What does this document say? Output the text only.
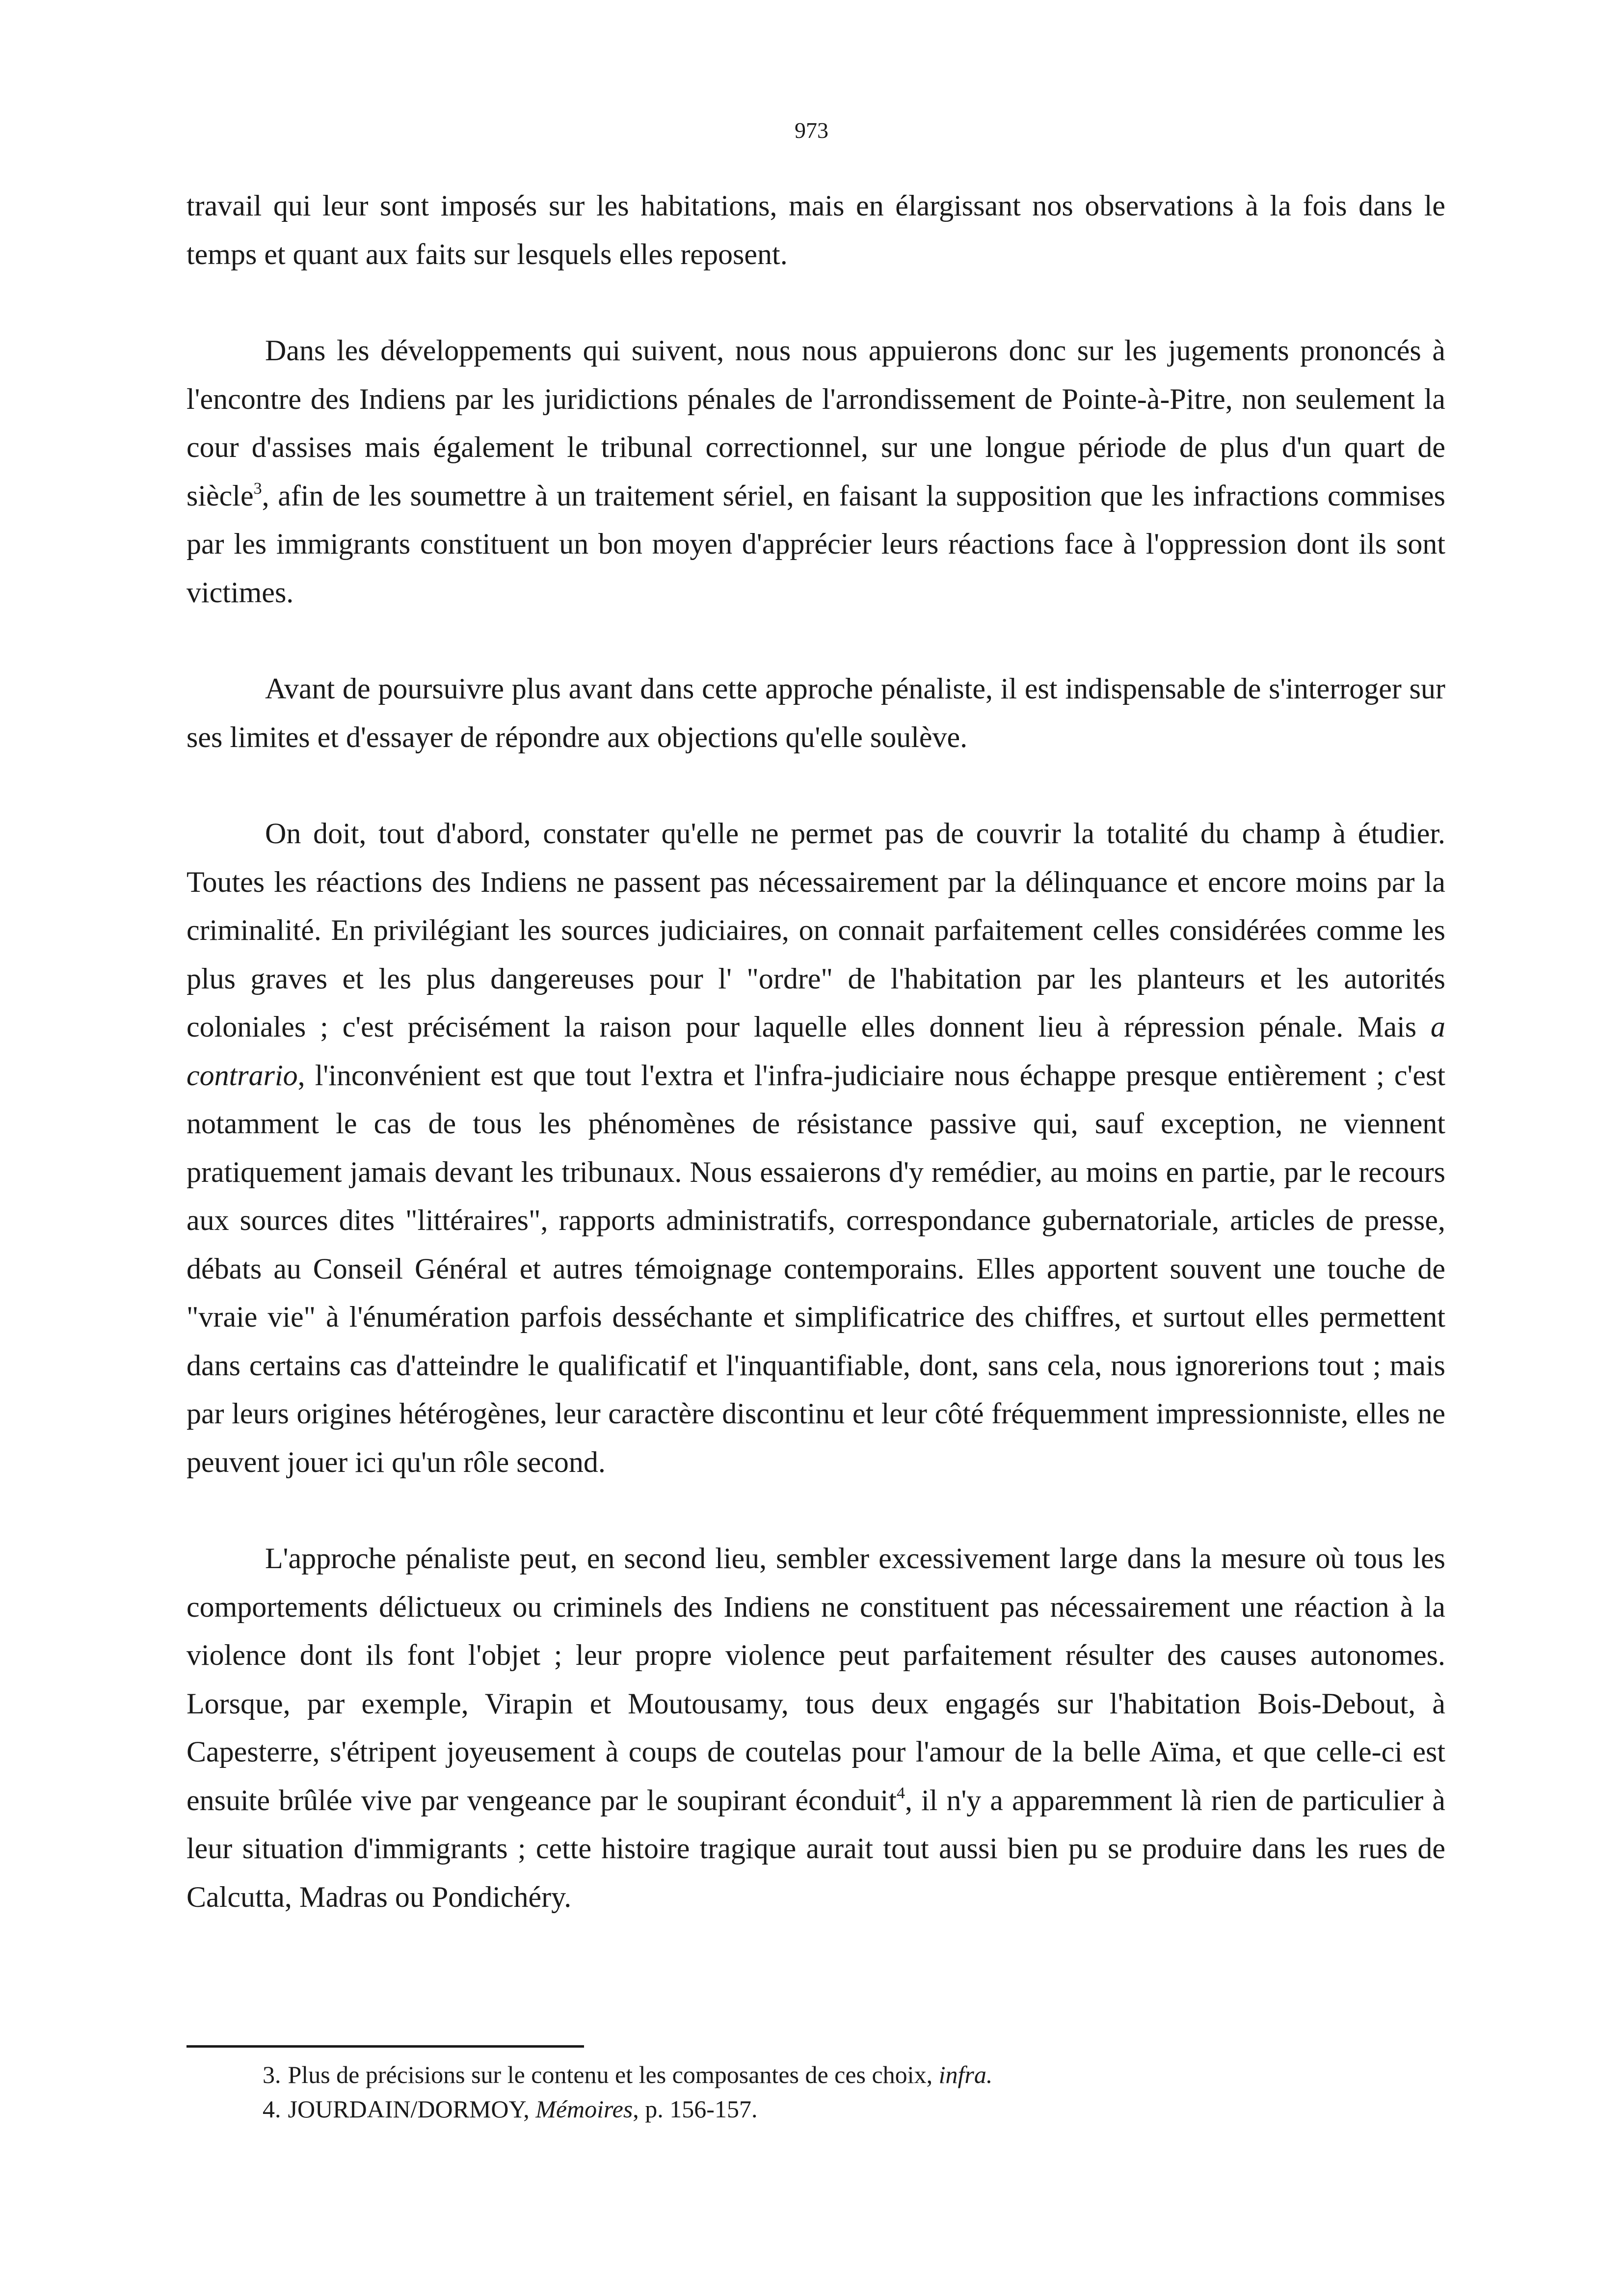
973

travail qui leur sont imposés sur les habitations, mais en élargissant nos observations à la fois dans le temps et quant aux faits sur lesquels elles reposent.

Dans les développements qui suivent, nous nous appuierons donc sur les jugements prononcés à l'encontre des Indiens par les juridictions pénales de l'arrondissement de Pointe-à-Pitre, non seulement la cour d'assises mais également le tribunal correctionnel, sur une longue période de plus d'un quart de siècle$^3$, afin de les soumettre à un traitement sériel, en faisant la supposition que les infractions commises par les immigrants constituent un bon moyen d'apprécier leurs réactions face à l'oppression dont ils sont victimes.

Avant de poursuivre plus avant dans cette approche pénaliste, il est indispensable de s'interroger sur ses limites et d'essayer de répondre aux objections qu'elle soulève.

On doit, tout d'abord, constater qu'elle ne permet pas de couvrir la totalité du champ à étudier. Toutes les réactions des Indiens ne passent pas nécessairement par la délinquance et encore moins par la criminalité. En privilégiant les sources judiciaires, on connait parfaitement celles considérées comme les plus graves et les plus dangereuses pour l' "ordre" de l'habitation par les planteurs et les autorités coloniales ; c'est précisément la raison pour laquelle elles donnent lieu à répression pénale. Mais a contrario, l'inconvénient est que tout l'extra et l'infra-judiciaire nous échappe presque entièrement ; c'est notamment le cas de tous les phénomènes de résistance passive qui, sauf exception, ne viennent pratiquement jamais devant les tribunaux. Nous essaierons d'y remédier, au moins en partie, par le recours aux sources dites "littéraires", rapports administratifs, correspondance gubernatoriale, articles de presse, débats au Conseil Général et autres témoignage contemporains. Elles apportent souvent une touche de "vraie vie" à l'énumération parfois desséchante et simplificatrice des chiffres, et surtout elles permettent dans certains cas d'atteindre le qualificatif et l'inquantifiable, dont, sans cela, nous ignorerions tout ; mais par leurs origines hétérogènes, leur caractère discontinu et leur côté fréquemment impressionniste, elles ne peuvent jouer ici qu'un rôle second.

L'approche pénaliste peut, en second lieu, sembler excessivement large dans la mesure où tous les comportements délictueux ou criminels des Indiens ne constituent pas nécessairement une réaction à la violence dont ils font l'objet ; leur propre violence peut parfaitement résulter des causes autonomes. Lorsque, par exemple, Virapin et Moutousamy, tous deux engagés sur l'habitation Bois-Debout, à Capesterre, s'étripent joyeusement à coups de coutelas pour l'amour de la belle Aïma, et que celle-ci est ensuite brûlée vive par vengeance par le soupirant éconduit$^4$, il n'y a apparemment là rien de particulier à leur situation d'immigrants ; cette histoire tragique aurait tout aussi bien pu se produire dans les rues de Calcutta, Madras ou Pondichéry.

3. Plus de précisions sur le contenu et les composantes de ces choix, infra.

4. JOURDAIN/DORMOY, Mémoires, p. 156-157.
